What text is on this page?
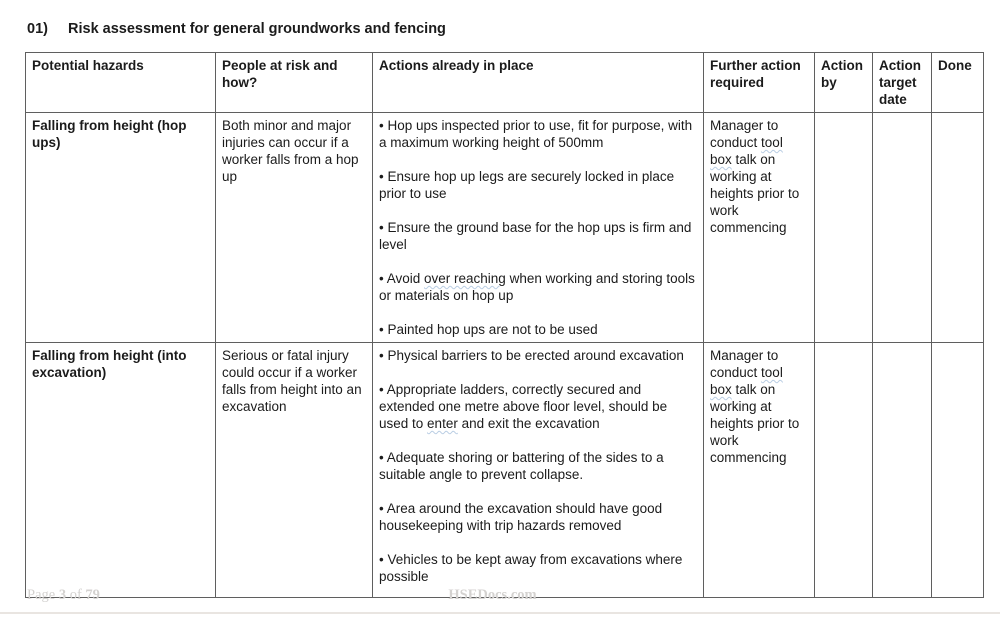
01) Risk assessment for general groundworks and fencing
Potential hazards	People at risk and how?	Actions already in place	Further action required	Action by	Action target date	Done
Falling from height (hop ups)	Both minor and major injuries can occur if a worker falls from a hop up	• Hop ups inspected prior to use, fit for purpose, with a maximum working height of 500mm

• Ensure hop up legs are securely locked in place prior to use

• Ensure the ground base for the hop ups is firm and level

• Avoid over reaching when working and storing tools or materials on hop up

• Painted hop ups are not to be used	Manager to conduct tool box talk on working at heights prior to work commencing			

Falling from height (into excavation)	Serious or fatal injury could occur if a worker falls from height into an excavation	• Physical barriers to be erected around excavation

• Appropriate ladders, correctly secured and extended one metre above floor level, should be used to enter and exit the excavation

• Adequate shoring or battering of the sides to a suitable angle to prevent collapse.

• Area around the excavation should have good housekeeping with trip hazards removed

• Vehicles to be kept away from excavations where possible	Manager to conduct tool box talk on working at heights prior to work commencing			

Page 3 of 79	HSEDocs.com
